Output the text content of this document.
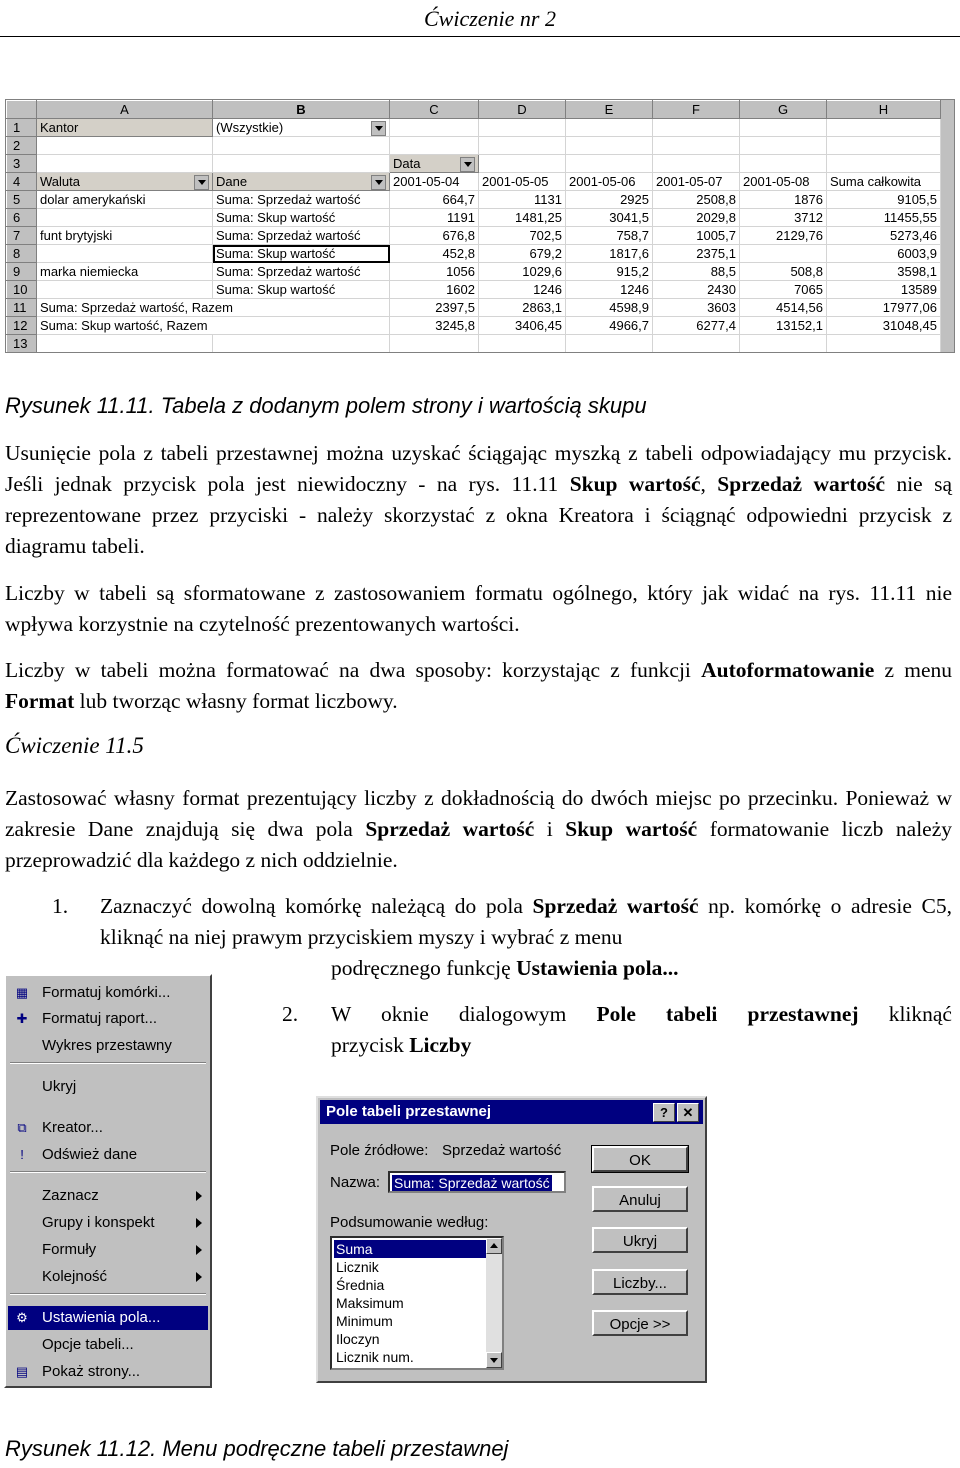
Ćwiczenie nr 2
	A	B	C	D	E	F	G	H
1	Kantor	(Wszystkie)						
2								
3			Data					
4	Waluta	Dane	2001-05-04	2001-05-05	2001-05-06	2001-05-07	2001-05-08	Suma całkowita
5	dolar amerykański	Suma: Sprzedaż wartość	664,7	1131	2925	2508,8	1876	9105,5
6		Suma: Skup wartość	1191	1481,25	3041,5	2029,8	3712	11455,55
7	funt brytyjski	Suma: Sprzedaż wartość	676,8	702,5	758,7	1005,7	2129,76	5273,46
8		Suma: Skup wartość	452,8	679,2	1817,6	2375,1		6003,9
9	marka niemiecka	Suma: Sprzedaż wartość	1056	1029,6	915,2	88,5	508,8	3598,1
10		Suma: Skup wartość	1602	1246	1246	2430	7065	13589
11	Suma: Sprzedaż wartość, Razem		2397,5	2863,1	4598,9	3603	4514,56	17977,06
12	Suma: Skup wartość, Razem		3245,8	3406,45	4966,7	6277,4	13152,1	31048,45
13								
Rysunek 11.11. Tabela z dodanym polem strony i wartością skupu
Usunięcie pola z tabeli przestawnej można uzyskać ściągając myszką z tabeli odpowiadający mu przycisk. Jeśli jednak przycisk pola jest niewidoczny - na rys. 11.11 Skup wartość, Sprzedaż wartość nie są reprezentowane przez przyciski - należy skorzystać z okna Kreatora i ściągnąć odpowiedni przycisk z diagramu tabeli.
Liczby w tabeli są sformatowane z zastosowaniem formatu ogólnego, który jak widać na rys. 11.11 nie wpływa korzystnie na czytelność prezentowanych wartości.
Liczby w tabeli można formatować na dwa sposoby: korzystając z funkcji Autoformatowanie z menu Format lub tworząc własny format liczbowy.
Ćwiczenie 11.5
Zastosować własny format prezentujący liczby z dokładnością do dwóch miejsc po przecinku. Ponieważ w zakresie Dane znajdują się dwa pola Sprzedaż wartość i Skup wartość formatowanie liczb należy przeprowadzić dla każdego z nich oddzielnie.
1. Zaznaczyć dowolną komórkę należącą do pola Sprzedaż wartość np. komórkę o adresie C5, kliknąć na niej prawym przyciskiem myszy i wybrać z menu
podręcznego funkcję Ustawienia pola...
2. W oknie dialogowym Pole tabeli przestawnej kliknąć
przycisk Liczby
▦ Formatuj komórki...
✚ Formatuj raport...
Wykres przestawny
Ukryj
⧉ Kreator...
!	Odśwież dane
Zaznacz
Grupy i konspekt
Formuły
Kolejność
⚙ Ustawienia pola...
Opcje tabeli...
▤ Pokaż strony...
Pole tabeli przestawnej	?	✕
Pole źródłowe: Sprzedaż wartość
Nazwa: Suma: Sprzedaż wartość
Podsumowanie według:
Suma
Licznik
Średnia
Maksimum
Minimum
Iloczyn
Licznik num.
OK
Anuluj
Ukryj
Liczby...
Opcje >>
Rysunek 11.12. Menu podręczne tabeli przestawnej
